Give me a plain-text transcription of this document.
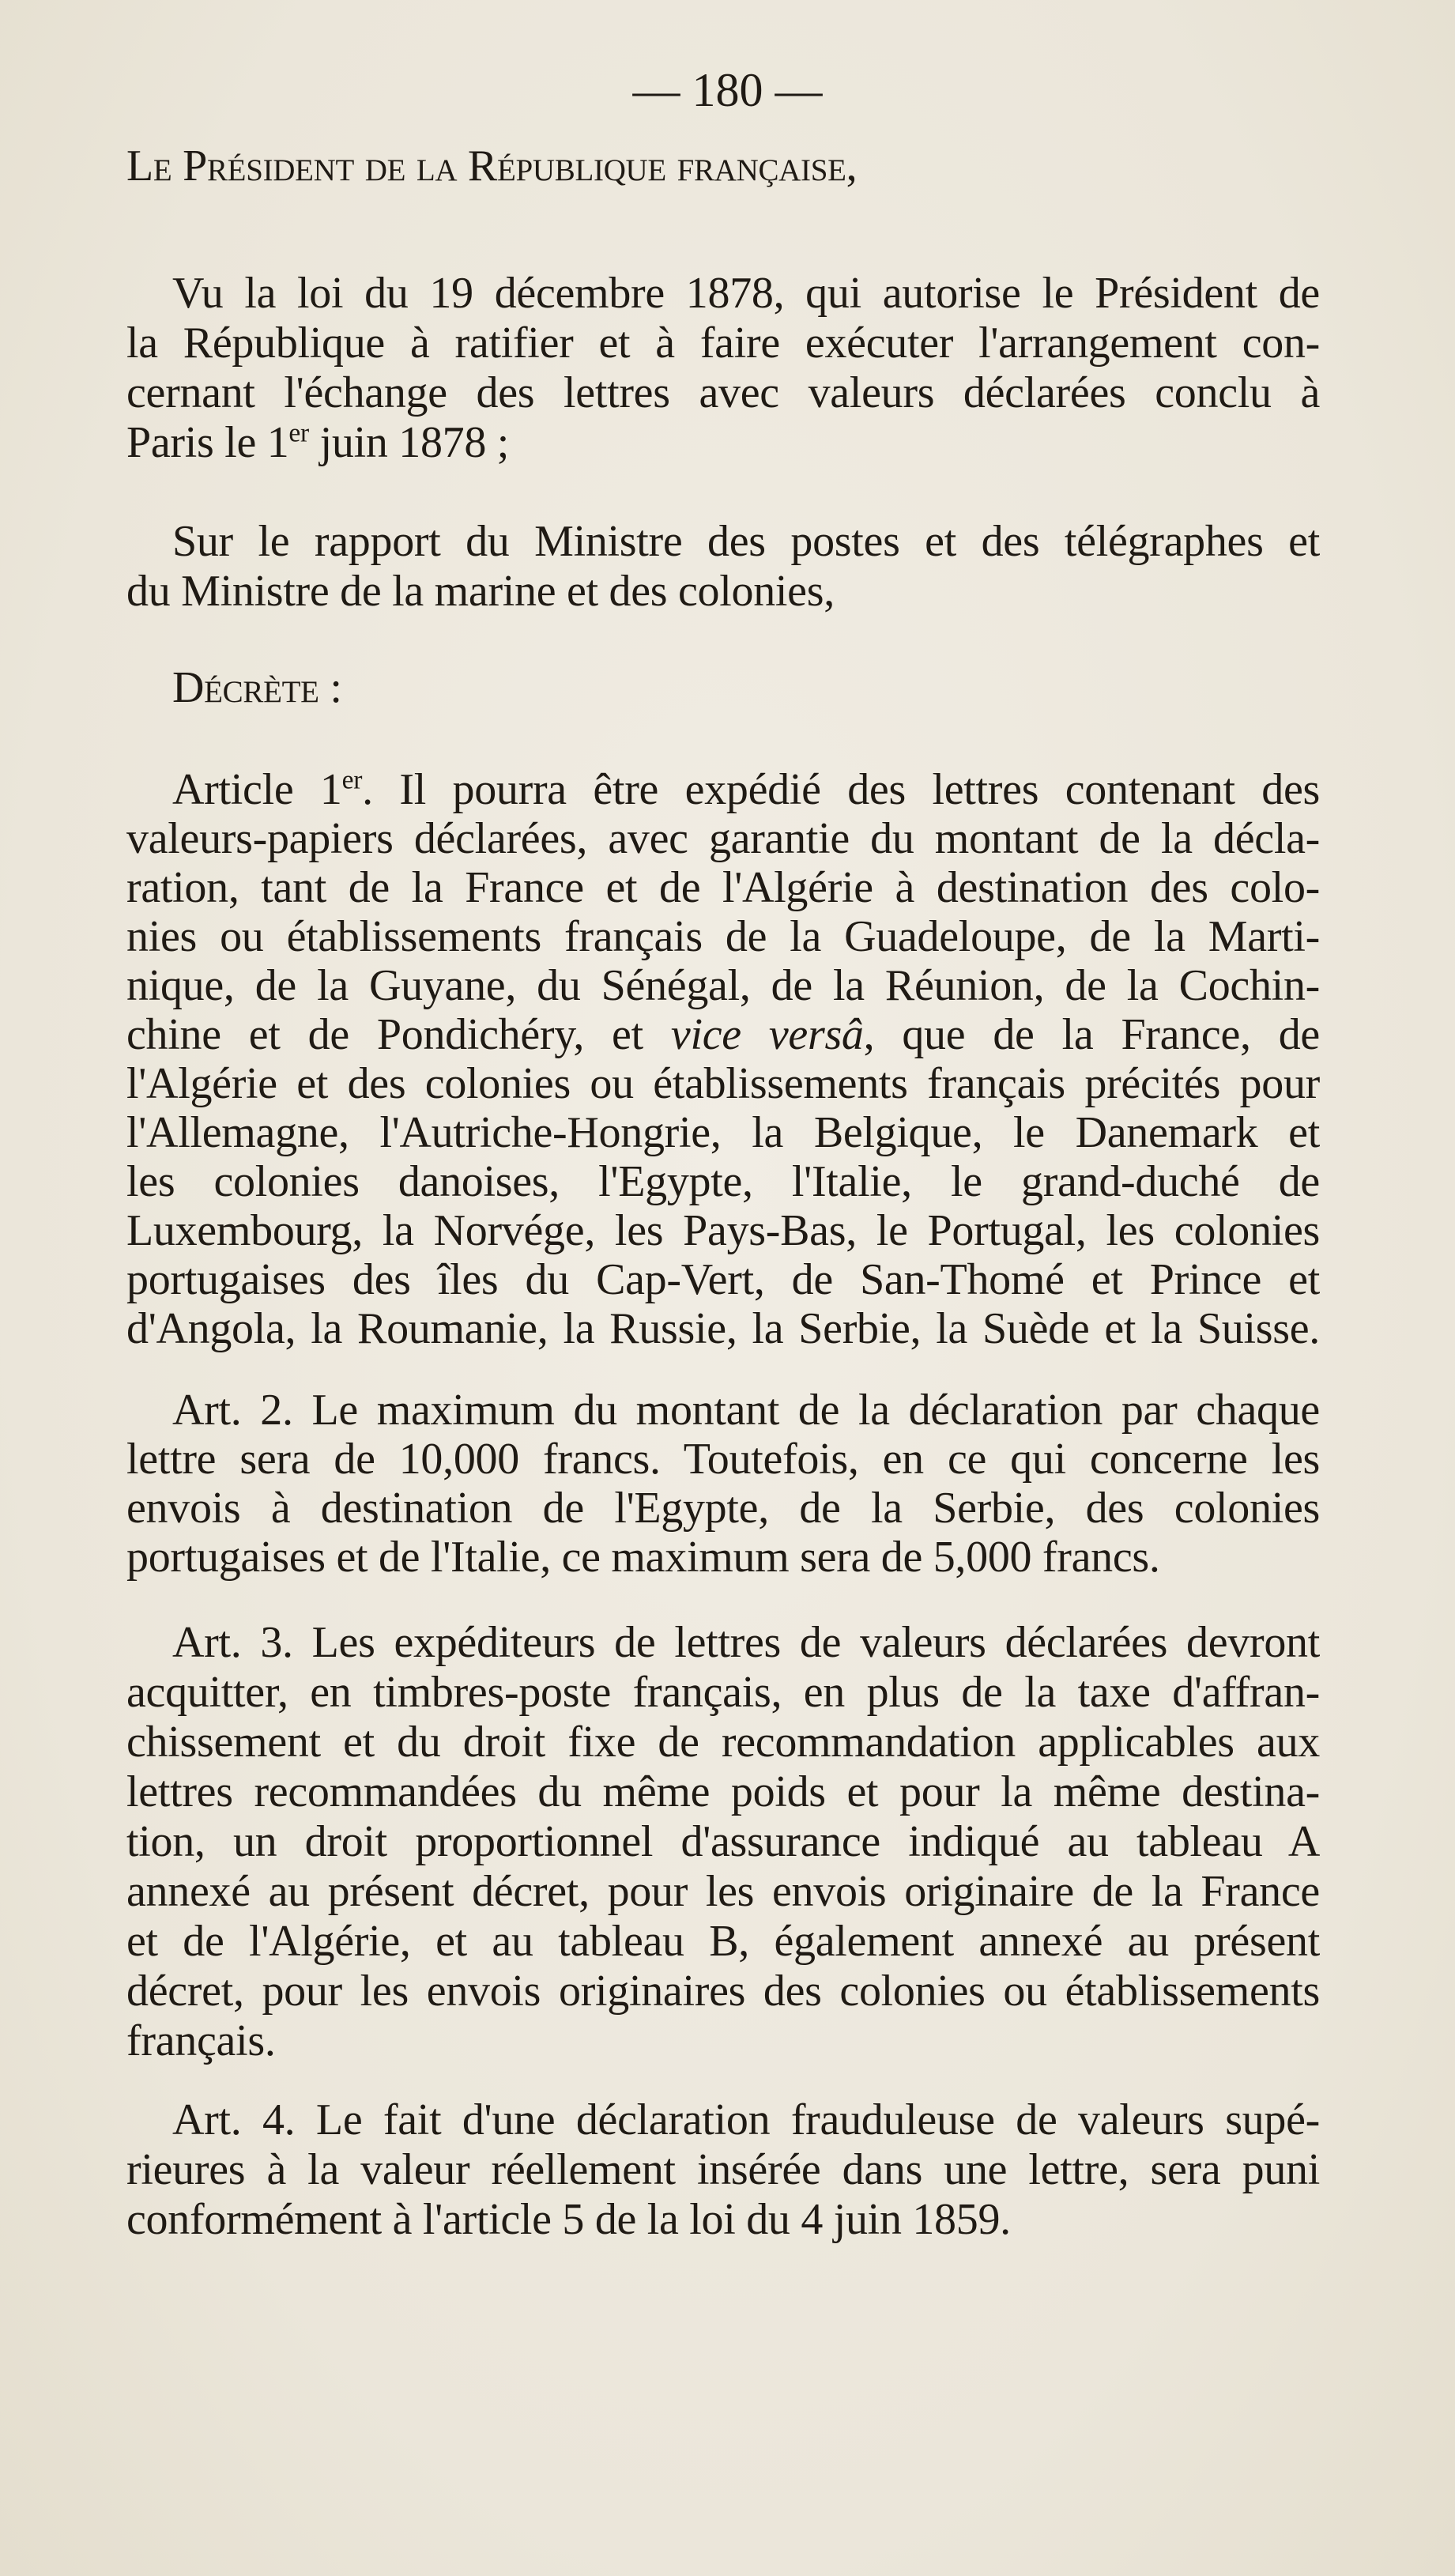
— 180 —
Le Président de la République française,
Vu la loi du 19 décembre 1878, qui autorise le Président de
la République à ratifier et à faire exécuter l'arrangement con-
cernant l'échange des lettres avec valeurs déclarées conclu à
Paris le 1er juin 1878 ;
Sur le rapport du Ministre des postes et des télégraphes et
du Ministre de la marine et des colonies,
Décrète :
Article 1er. Il pourra être expédié des lettres contenant des
valeurs-papiers déclarées, avec garantie du montant de la décla-
ration, tant de la France et de l'Algérie à destination des colo-
nies ou établissements français de la Guadeloupe, de la Marti-
nique, de la Guyane, du Sénégal, de la Réunion, de la Cochin-
chine et de Pondichéry, et vice versâ, que de la France, de
l'Algérie et des colonies ou établissements français précités pour
l'Allemagne, l'Autriche-Hongrie, la Belgique, le Danemark et
les colonies danoises, l'Egypte, l'Italie, le grand-duché de
Luxembourg, la Norvége, les Pays-Bas, le Portugal, les colonies
portugaises des îles du Cap-Vert, de San-Thomé et Prince et
d'Angola, la Roumanie, la Russie, la Serbie, la Suède et la Suisse.
Art. 2. Le maximum du montant de la déclaration par chaque
lettre sera de 10,000 francs. Toutefois, en ce qui concerne les
envois à destination de l'Egypte, de la Serbie, des colonies
portugaises et de l'Italie, ce maximum sera de 5,000 francs.
Art. 3. Les expéditeurs de lettres de valeurs déclarées devront
acquitter, en timbres-poste français, en plus de la taxe d'affran-
chissement et du droit fixe de recommandation applicables aux
lettres recommandées du même poids et pour la même destina-
tion, un droit proportionnel d'assurance indiqué au tableau A
annexé au présent décret, pour les envois originaire de la France
et de l'Algérie, et au tableau B, également annexé au présent
décret, pour les envois originaires des colonies ou établissements
français.
Art. 4. Le fait d'une déclaration frauduleuse de valeurs supé-
rieures à la valeur réellement insérée dans une lettre, sera puni
conformément à l'article 5 de la loi du 4 juin 1859.
